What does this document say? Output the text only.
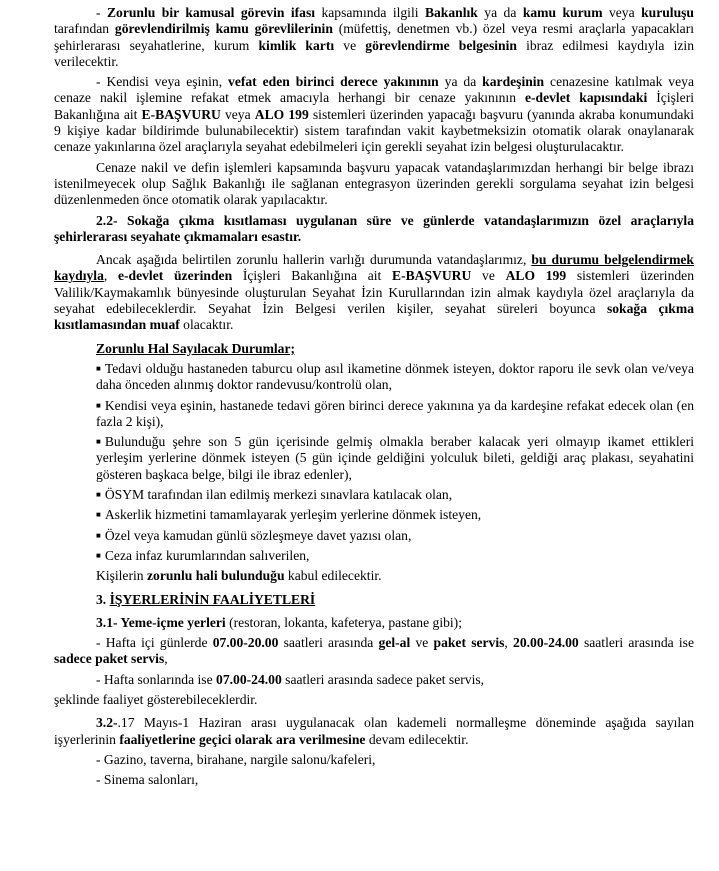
- Zorunlu bir kamusal görevin ifası kapsamında ilgili Bakanlık ya da kamu kurum veya kuruluşu tarafından görevlendirilmiş kamu görevlilerinin (müfettiş, denetmen vb.) özel veya resmi araçlarla yapacakları şehirlerarası seyahatlerine, kurum kimlik kartı ve görevlendirme belgesinin ibraz edilmesi kaydıyla izin verilecektir.

- Kendisi veya eşinin, vefat eden birinci derece yakınının ya da kardeşinin cenazesine katılmak veya cenaze nakil işlemine refakat etmek amacıyla herhangi bir cenaze yakınının e-devlet kapısındaki İçişleri Bakanlığına ait E-BAŞVURU veya ALO 199 sistemleri üzerinden yapacağı başvuru (yanında akraba konumundaki 9 kişiye kadar bildirimde bulunabilecektir) sistem tarafından vakit kaybetmeksizin otomatik olarak onaylanarak cenaze yakınlarına özel araçlarıyla seyahat edebilmeleri için gerekli seyahat izin belgesi oluşturulacaktır.

Cenaze nakil ve defin işlemleri kapsamında başvuru yapacak vatandaşlarımızdan herhangi bir belge ibrazı istenilmeyecek olup Sağlık Bakanlığı ile sağlanan entegrasyon üzerinden gerekli sorgulama seyahat izin belgesi düzenlenmeden önce otomatik olarak yapılacaktır.

2.2- Sokağa çıkma kısıtlaması uygulanan süre ve günlerde vatandaşlarımızın özel araçlarıyla şehirlerarası seyahate çıkmamaları esastır.

Ancak aşağıda belirtilen zorunlu hallerin varlığı durumunda vatandaşlarımız, bu durumu belgelendirmek kaydıyla, e-devlet üzerinden İçişleri Bakanlığına ait E-BAŞVURU ve ALO 199 sistemleri üzerinden Valilik/Kaymakamlık bünyesinde oluşturulan Seyahat İzin Kurullarından izin almak kaydıyla özel araçlarıyla da seyahat edebileceklerdir. Seyahat İzin Belgesi verilen kişiler, seyahat süreleri boyunca sokağa çıkma kısıtlamasından muaf olacaktır.

Zorunlu Hal Sayılacak Durumlar;

■ Tedavi olduğu hastaneden taburcu olup asıl ikametine dönmek isteyen, doktor raporu ile sevk olan ve/veya daha önceden alınmış doktor randevusu/kontrolü olan,

■ Kendisi veya eşinin, hastanede tedavi gören birinci derece yakınına ya da kardeşine refakat edecek olan (en fazla 2 kişi),

■ Bulunduğu şehre son 5 gün içerisinde gelmiş olmakla beraber kalacak yeri olmayıp ikamet ettikleri yerleşim yerlerine dönmek isteyen (5 gün içinde geldiğini yolculuk bileti, geldiği araç plakası, seyahatini gösteren başkaca belge, bilgi ile ibraz edenler),

■ ÖSYM tarafından ilan edilmiş merkezi sınavlara katılacak olan,

■ Askerlik hizmetini tamamlayarak yerleşim yerlerine dönmek isteyen,

■ Özel veya kamudan günlü sözleşmeye davet yazısı olan,

■ Ceza infaz kurumlarından salıverilen,

Kişilerin zorunlu hali bulunduğu kabul edilecektir.

3. İŞYERLERİNİN FAALİYETLERİ

3.1- Yeme-içme yerleri (restoran, lokanta, kafeterya, pastane gibi);

- Hafta içi günlerde 07.00-20.00 saatleri arasında gel-al ve paket servis, 20.00-24.00 saatleri arasında ise sadece paket servis,

- Hafta sonlarında ise 07.00-24.00 saatleri arasında sadece paket servis,

şeklinde faaliyet gösterebileceklerdir.

3.2-.17 Mayıs-1 Haziran arası uygulanacak olan kademeli normalleşme döneminde aşağıda sayılan işyerlerinin faaliyetlerine geçici olarak ara verilmesine devam edilecektir.

- Gazino, taverna, birahane, nargile salonu/kafeleri,

- Sinema salonları,
